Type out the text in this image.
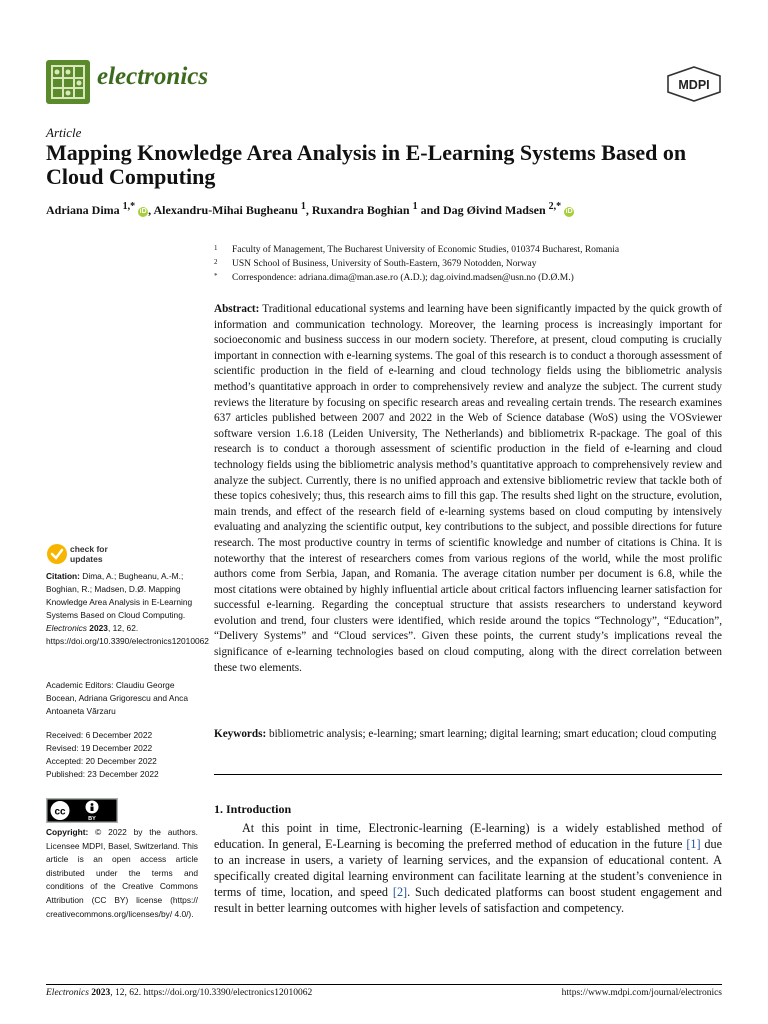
electronics	MDPI
Article
Mapping Knowledge Area Analysis in E-Learning Systems Based on Cloud Computing
Adriana Dima $^{1,*}$ iD , Alexandru-Mihai Bugheanu $^1$, Ruxandra Boghian $^1$ and Dag Øivind Madsen $^{2,*}$ iD
1	Faculty of Management, The Bucharest University of Economic Studies, 010374 Bucharest, Romania
2	USN School of Business, University of South-Eastern, 3679 Notodden, Norway
*	Correspondence: adriana.dima@man.ase.ro (A.D.); dag.oivind.madsen@usn.no (D.Ø.M.)

Abstract: Traditional educational systems and learning have been significantly impacted by the quick growth of information and communication technology. Moreover, the learning process is increasingly important for socioeconomic and business success in our modern society. Therefore, at present, cloud computing is crucially important in connection with e-learning systems. The goal of this research is to conduct a thorough assessment of scientific production in the field of e-learning and cloud technology fields using the bibliometric analysis method’s quantitative approach in order to comprehensively review and analyze the subject. The current study reviews the literature by focusing on specific research areas and revealing certain trends. The research examines 637 articles published between 2007 and 2022 in the Web of Science database (WoS) using the VOSviewer software version 1.6.18 (Leiden University, The Netherlands) and bibliometrix R-package. The goal of this research is to conduct a thorough assessment of scientific production in the field of e-learning and cloud technology fields using the bibliometric analysis method’s quantitative approach to comprehensively review and analyze the subject. Currently, there is no unified approach and extensive bibliometric review that tackle both of these topics cohesively; thus, this research aims to fill this gap. The results shed light on the structure, evolution, main trends, and effect of the research field of e-learning systems based on cloud computing by intensively evaluating and analyzing the scientific output, key contributions to the subject, and possible directions for future research. The most productive country in terms of scientific knowledge and number of citations is China. It is noteworthy that the interest of researchers comes from various regions of the world, while the most prolific authors come from Serbia, Japan, and Romania. The average citation number per document is 6.8, while the most citations were obtained by highly influential article about critical factors influencing learner satisfaction for successful e-learning. Regarding the conceptual structure that assists researchers to understand keyword evolution and trend, four clusters were identified, which reside around the topics “Technology”, “Education”, “Delivery Systems” and “Cloud services”. Given these points, the current study’s implications reveal the significance of e-learning technologies based on cloud computing, along with the direct correlation between these two elements.

Keywords: bibliometric analysis; e-learning; smart learning; digital learning; smart education; cloud computing

1. Introduction

At this point in time, Electronic-learning (E-learning) is a widely established method of education. In general, E-Learning is becoming the preferred method of education in the future [1] due to an increase in users, a variety of learning services, and the expansion of educational content. A specifically created digital learning environment can facilitate learning at the student’s convenience in terms of time, location, and speed [2]. Such dedicated platforms can boost student engagement and result in better learning outcomes with higher levels of satisfaction and competency.

check for
updates

Citation: Dima, A.; Bugheanu, A.-M.; Boghian, R.; Madsen, D.Ø. Mapping Knowledge Area Analysis in E-Learning Systems Based on Cloud Computing. Electronics 2023, 12, 62. https://doi.org/10.3390/electronics12010062

Academic Editors: Claudiu George Bocean, Adriana Grigorescu and Anca Antoaneta Vărzaru

Received: 6 December 2022
Revised: 19 December 2022
Accepted: 20 December 2022
Published: 23 December 2022
cc
BY

Copyright: © 2022 by the authors. Licensee MDPI, Basel, Switzerland. This article is an open access article distributed under the terms and conditions of the Creative Commons Attribution (CC BY) license (https:// creativecommons.org/licenses/by/ 4.0/).

Electronics 2023, 12, 62. https://doi.org/10.3390/electronics12010062	https://www.mdpi.com/journal/electronics
